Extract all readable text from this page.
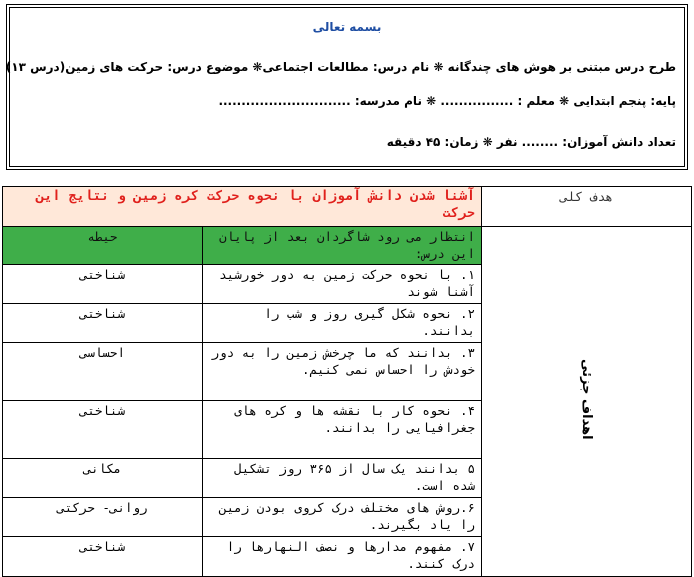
بسمه تعالی
طرح درس مبتنی بر هوش های چندگانه ❋ نام درس: مطالعات اجتماعی❋ موضوع درس: حرکت های زمین(درس ۱۳)
پایه: پنجم ابتدایی ❋ معلم : ................ ❋ نام مدرسه: .............................
تعداد دانش آموزان: ........ نفر ❋ زمان: ۴۵ دقیقه
هدف کلی	آشنا شدن دانش آموزان با نحوه حرکت کره زمین و نتایج این حرکت	
اهداف جزئی	انتظار می رود شاگردان بعد از پایان این درس:	حیطه
	۱. با نحوه حرکت زمین به دور خورشید آشنا شوند	شناختی
	۲. نحوه شکل گیری روز و شب را بدانند.	شناختی
	۳. بدانند که ما چرخش زمین را به دور خودش را احساس نمی کنیم.	احساسی
	۴. نحوه کار با نقشه ها و کره های جغرافیایی را بدانند.	شناختی
	۵ بدانند یک سال از ۳۶۵ روز تشکیل شده است.	مکانی
	۶.روش های مختلف درک کروی بودن زمین را یاد بگیرند.	روانی- حرکتی
	۷. مفهوم مدارها و نصف النهارها را درک کنند.	شناختی
